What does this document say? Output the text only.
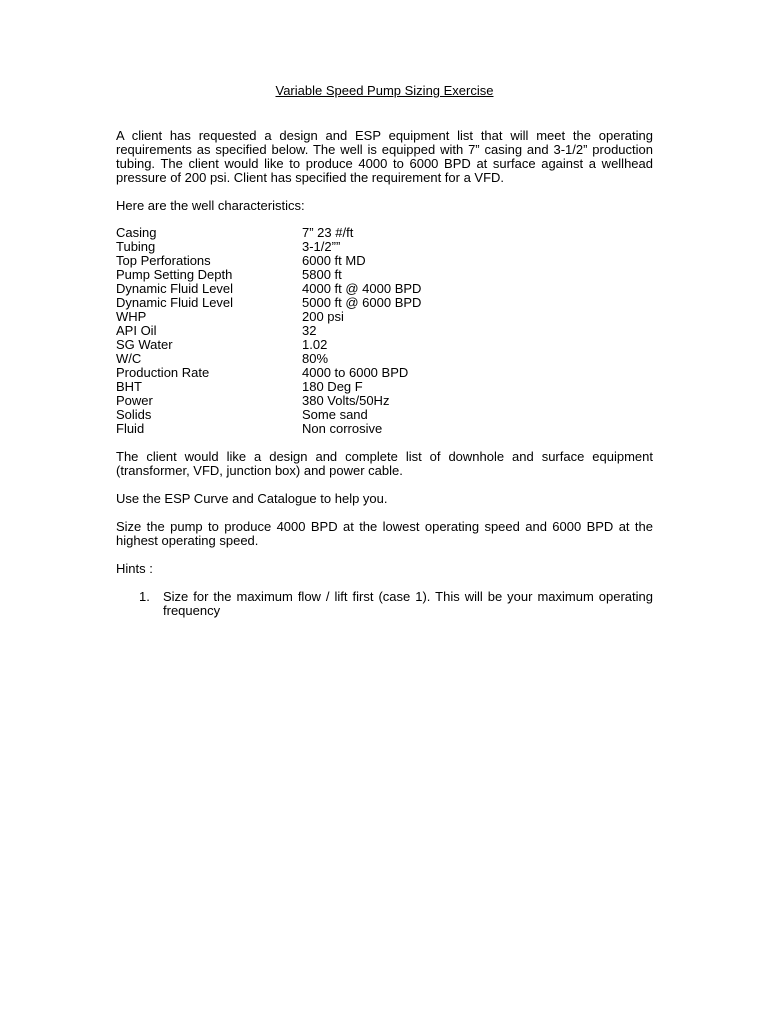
Variable Speed Pump Sizing Exercise

A client has requested a design and ESP equipment list that will meet the operating requirements as specified below. The well is equipped with 7” casing and 3-1/2” production tubing. The client would like to produce 4000 to 6000 BPD at surface against a wellhead pressure of 200 psi. Client has specified the requirement for a VFD.

Here are the well characteristics:

Casing	7” 23 #/ft
Tubing	3-1/2””
Top Perforations	6000 ft MD
Pump Setting Depth	5800 ft
Dynamic Fluid Level	4000 ft @ 4000 BPD
Dynamic Fluid Level	5000 ft @ 6000 BPD
WHP	200 psi
API Oil	32
SG Water	1.02
W/C	80%
Production Rate	4000 to 6000 BPD
BHT	180 Deg F
Power	380 Volts/50Hz
Solids	Some sand
Fluid	Non corrosive

The client would like a design and complete list of downhole and surface equipment (transformer, VFD, junction box) and power cable.

Use the ESP Curve and Catalogue to help you.

Size the pump to produce 4000 BPD at the lowest operating speed and 6000 BPD at the highest operating speed.

Hints :

1.	Size for the maximum flow / lift first (case 1). This will be your maximum operating frequency
